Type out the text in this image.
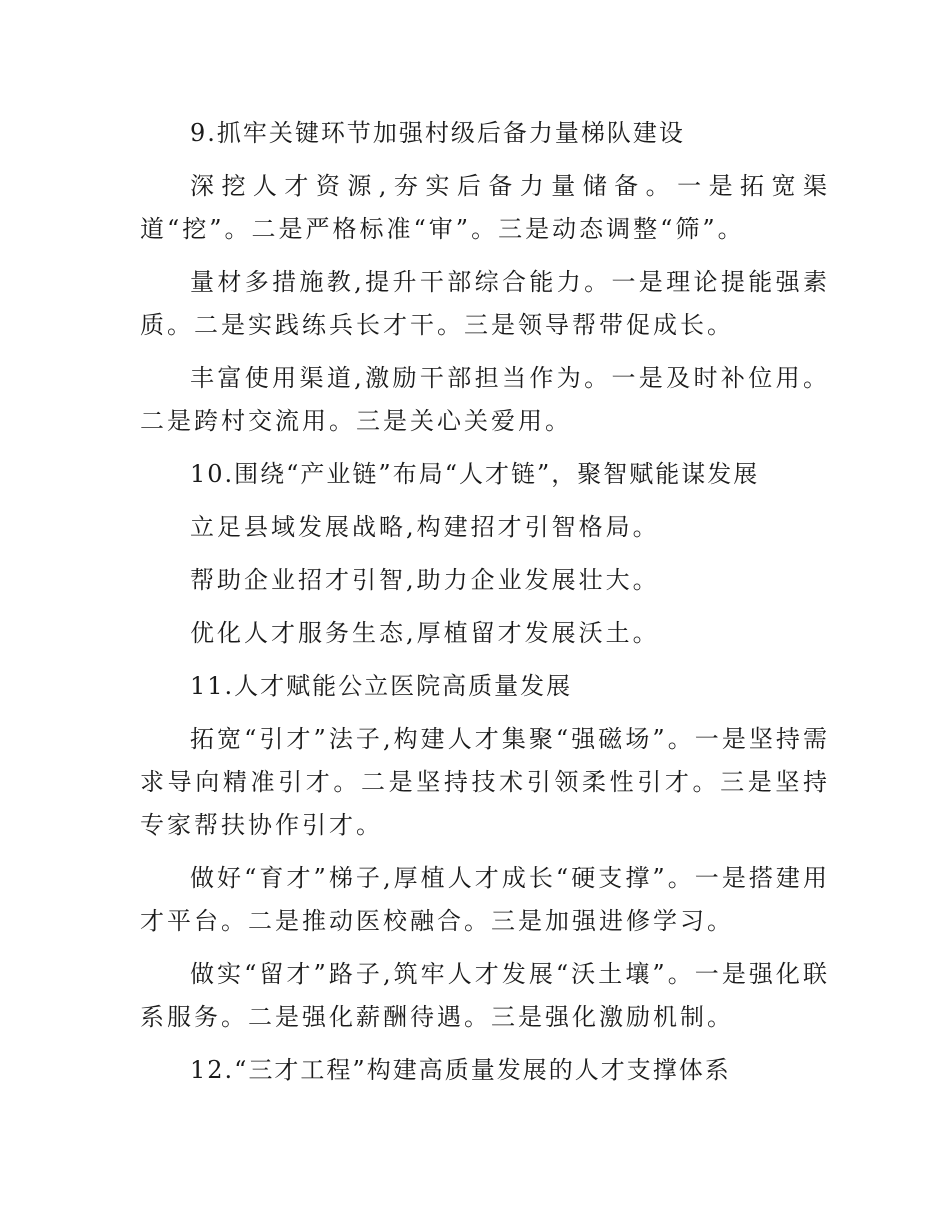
9.抓牢关键环节加强村级后备力量梯队建设

深挖人才资源,夯实后备力量储备。一是拓宽渠道“挖”。二是严格标准“审”。三是动态调整“筛”。

量材多措施教,提升干部综合能力。一是理论提能强素质。二是实践练兵长才干。三是领导帮带促成长。

丰富使用渠道,激励干部担当作为。一是及时补位用。二是跨村交流用。三是关心关爱用。

10.围绕“产业链”布局“人才链”，聚智赋能谋发展

立足县域发展战略,构建招才引智格局。

帮助企业招才引智,助力企业发展壮大。

优化人才服务生态,厚植留才发展沃土。

11.人才赋能公立医院高质量发展

拓宽“引才”法子,构建人才集聚“强磁场”。一是坚持需求导向精准引才。二是坚持技术引领柔性引才。三是坚持专家帮扶协作引才。

做好“育才”梯子,厚植人才成长“硬支撑”。一是搭建用才平台。二是推动医校融合。三是加强进修学习。

做实“留才”路子,筑牢人才发展“沃土壤”。一是强化联系服务。二是强化薪酬待遇。三是强化激励机制。

12.“三才工程”构建高质量发展的人才支撑体系
